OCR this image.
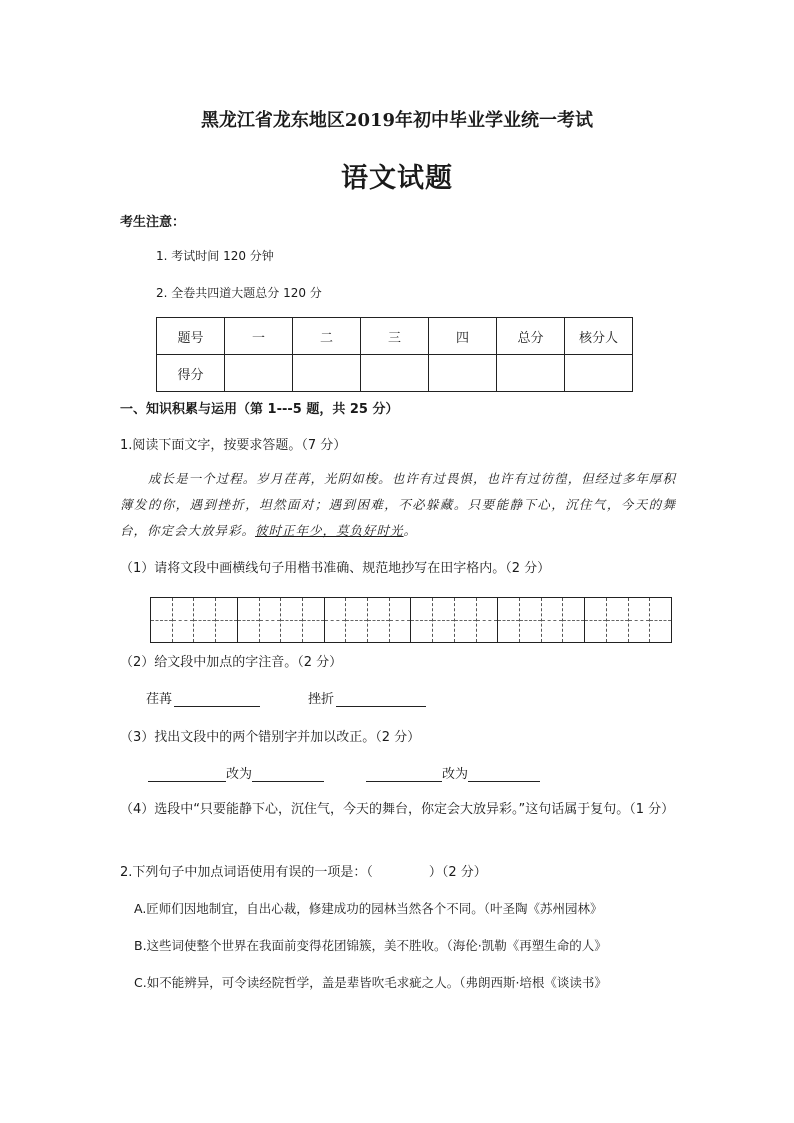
黑龙江省龙东地区2019年初中毕业学业统一考试
语文试题
考生注意：
1. 考试时间 120 分钟
2. 全卷共四道大题总分 120 分
题号	一	二	三	四	总分	核分人
得分						
一、知识积累与运用（第 1---5 题，共 25 分）
1.阅读下面文字，按要求答题。（7 分）
成长是一个过程。岁月荏苒，光阴如梭。也许有过畏惧，也许有过彷徨，但经过多年厚积簿发的你，遇到挫折，坦然面对；遇到困难，不必躲藏。只要能静下心，沉住气，今天的舞台，你定会大放异彩。彼时正年少，莫负好时光。
（1）请将文段中画横线句子用楷书准确、规范地抄写在田字格内。（2 分）
（2）给文段中加点的字注音。（2 分）
荏苒	挫折
（3）找出文段中的两个错别字并加以改正。（2 分）
改为	改为
（4）选段中“只要能静下心，沉住气，今天的舞台，你定会大放异彩。”这句话属于复句。（1 分）
2.下列句子中加点词语使用有误的一项是：（	）（2 分）
A.匠师们因地制宜，自出心裁，修建成功的园林当然各个不同。（叶圣陶《苏州园林》
B.这些词使整个世界在我面前变得花团锦簇，美不胜收。（海伦·凯勒《再塑生命的人》
C.如不能辨异，可令读经院哲学，盖是辈皆吹毛求疵之人。（弗朗西斯·培根《谈读书》
